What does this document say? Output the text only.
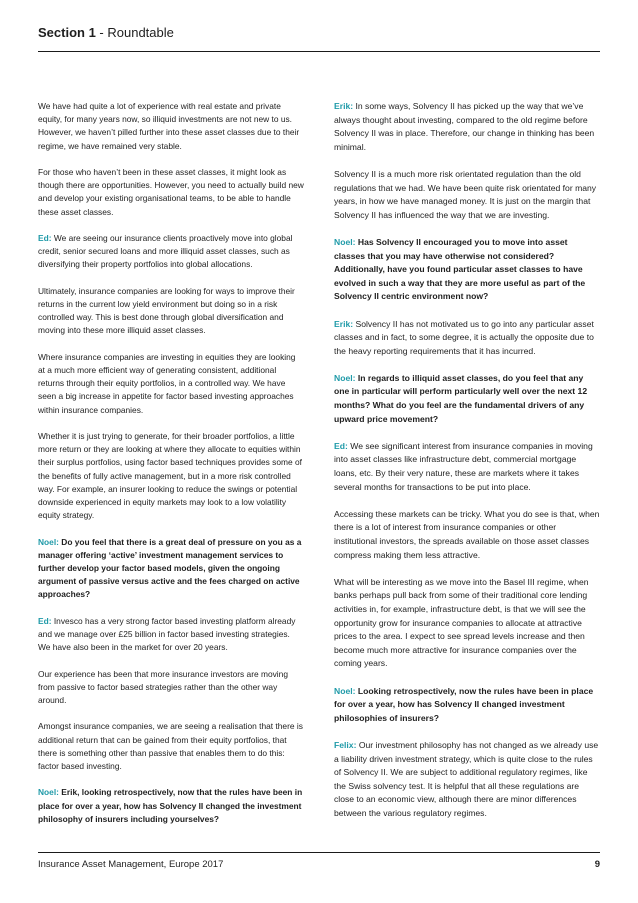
Section 1 - Roundtable

We have had quite a lot of experience with real estate and private equity, for many years now, so illiquid investments are not new to us. However, we haven’t pilled further into these asset classes due to their regime, we have remained very stable.

For those who haven’t been in these asset classes, it might look as though there are opportunities. However, you need to actually build new and develop your existing organisational teams, to be able to handle these asset classes.

Ed: We are seeing our insurance clients proactively move into global credit, senior secured loans and more illiquid asset classes, such as diversifying their property portfolios into global allocations.

Ultimately, insurance companies are looking for ways to improve their returns in the current low yield environment but doing so in a risk controlled way. This is best done through global diversification and moving into these more illiquid asset classes.

Where insurance companies are investing in equities they are looking at a much more efficient way of generating consistent, additional returns through their equity portfolios, in a controlled way. We have seen a big increase in appetite for factor based investing approaches within insurance companies.

Whether it is just trying to generate, for their broader portfolios, a little more return or they are looking at where they allocate to equities within their surplus portfolios, using factor based techniques provides some of the benefits of fully active management, but in a more risk controlled way. For example, an insurer looking to reduce the swings or potential downside experienced in equity markets may look to a low volatility equity strategy.

Noel: Do you feel that there is a great deal of pressure on you as a manager offering ‘active’ investment management services to further develop your factor based models, given the ongoing argument of passive versus active and the fees charged on active approaches?

Ed: Invesco has a very strong factor based investing platform already and we manage over £25 billion in factor based investing strategies. We have also been in the market for over 20 years.

Our experience has been that more insurance investors are moving from passive to factor based strategies rather than the other way around.

Amongst insurance companies, we are seeing a realisation that there is additional return that can be gained from their equity portfolios, that there is something other than passive that enables them to do this: factor based investing.

Noel: Erik, looking retrospectively, now that the rules have been in place for over a year, how has Solvency II changed the investment philosophy of insurers including yourselves?

Erik: In some ways, Solvency II has picked up the way that we’ve always thought about investing, compared to the old regime before Solvency II was in place. Therefore, our change in thinking has been minimal.

Solvency II is a much more risk orientated regulation than the old regulations that we had. We have been quite risk orientated for many years, in how we have managed money. It is just on the margin that Solvency II has influenced the way that we are investing.

Noel: Has Solvency II encouraged you to move into asset classes that you may have otherwise not considered? Additionally, have you found particular asset classes to have evolved in such a way that they are more useful as part of the Solvency II centric environment now?

Erik: Solvency II has not motivated us to go into any particular asset classes and in fact, to some degree, it is actually the opposite due to the heavy reporting requirements that it has incurred.

Noel: In regards to illiquid asset classes, do you feel that any one in particular will perform particularly well over the next 12 months? What do you feel are the fundamental drivers of any upward price movement?

Ed: We see significant interest from insurance companies in moving into asset classes like infrastructure debt, commercial mortgage loans, etc. By their very nature, these are markets where it takes several months for transactions to be put into place.

Accessing these markets can be tricky. What you do see is that, when there is a lot of interest from insurance companies or other institutional investors, the spreads available on those asset classes compress making them less attractive.

What will be interesting as we move into the Basel III regime, when banks perhaps pull back from some of their traditional core lending activities in, for example, infrastructure debt, is that we will see the opportunity grow for insurance companies to allocate at attractive prices to the area. I expect to see spread levels increase and then become much more attractive for insurance companies over the coming years.

Noel: Looking retrospectively, now the rules have been in place for over a year, how has Solvency II changed investment philosophies of insurers?

Felix: Our investment philosophy has not changed as we already use a liability driven investment strategy, which is quite close to the rules of Solvency II. We are subject to additional regulatory regimes, like the Swiss solvency test. It is helpful that all these regulations are close to an economic view, although there are minor differences between the various regulatory regimes.

Insurance Asset Management, Europe 2017	9
